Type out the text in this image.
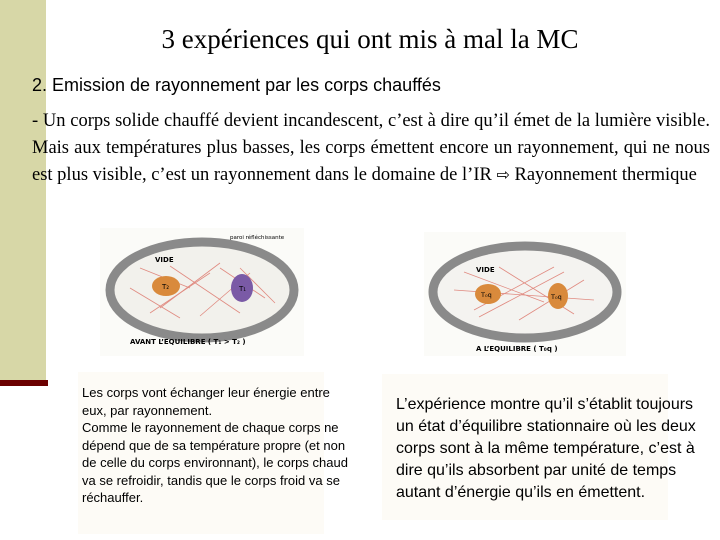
3 expériences qui ont mis à mal la MC
2. Emission de rayonnement par les corps chauffés
- Un corps solide chauffé devient incandescent, c’est à dire qu’il émet de la lumière visible. Mais aux températures plus basses, les corps émettent encore un rayonnement, qui ne nous est plus visible, c’est un rayonnement dans le domaine de l’IR ⇨ Rayonnement thermique
T₂	T₁
VIDE
paroi réfléchissante
AVANT L’EQUILIBRE ( T₁ > T₂ )
T₀q	T₀q
VIDE
A L’EQUILIBRE ( T₀q )
Les corps vont échanger leur énergie entre
eux, par rayonnement.
Comme le rayonnement de chaque corps ne
dépend que de sa température propre (et non
de celle du corps environnant), le corps chaud
va se refroidir, tandis que le corps froid va se
réchauffer.
L’expérience montre qu’il s’établit toujours
un état d’équilibre stationnaire où les deux
corps sont à la même température, c’est à
dire qu’ils absorbent par unité de temps
autant d’énergie qu’ils en émettent.
